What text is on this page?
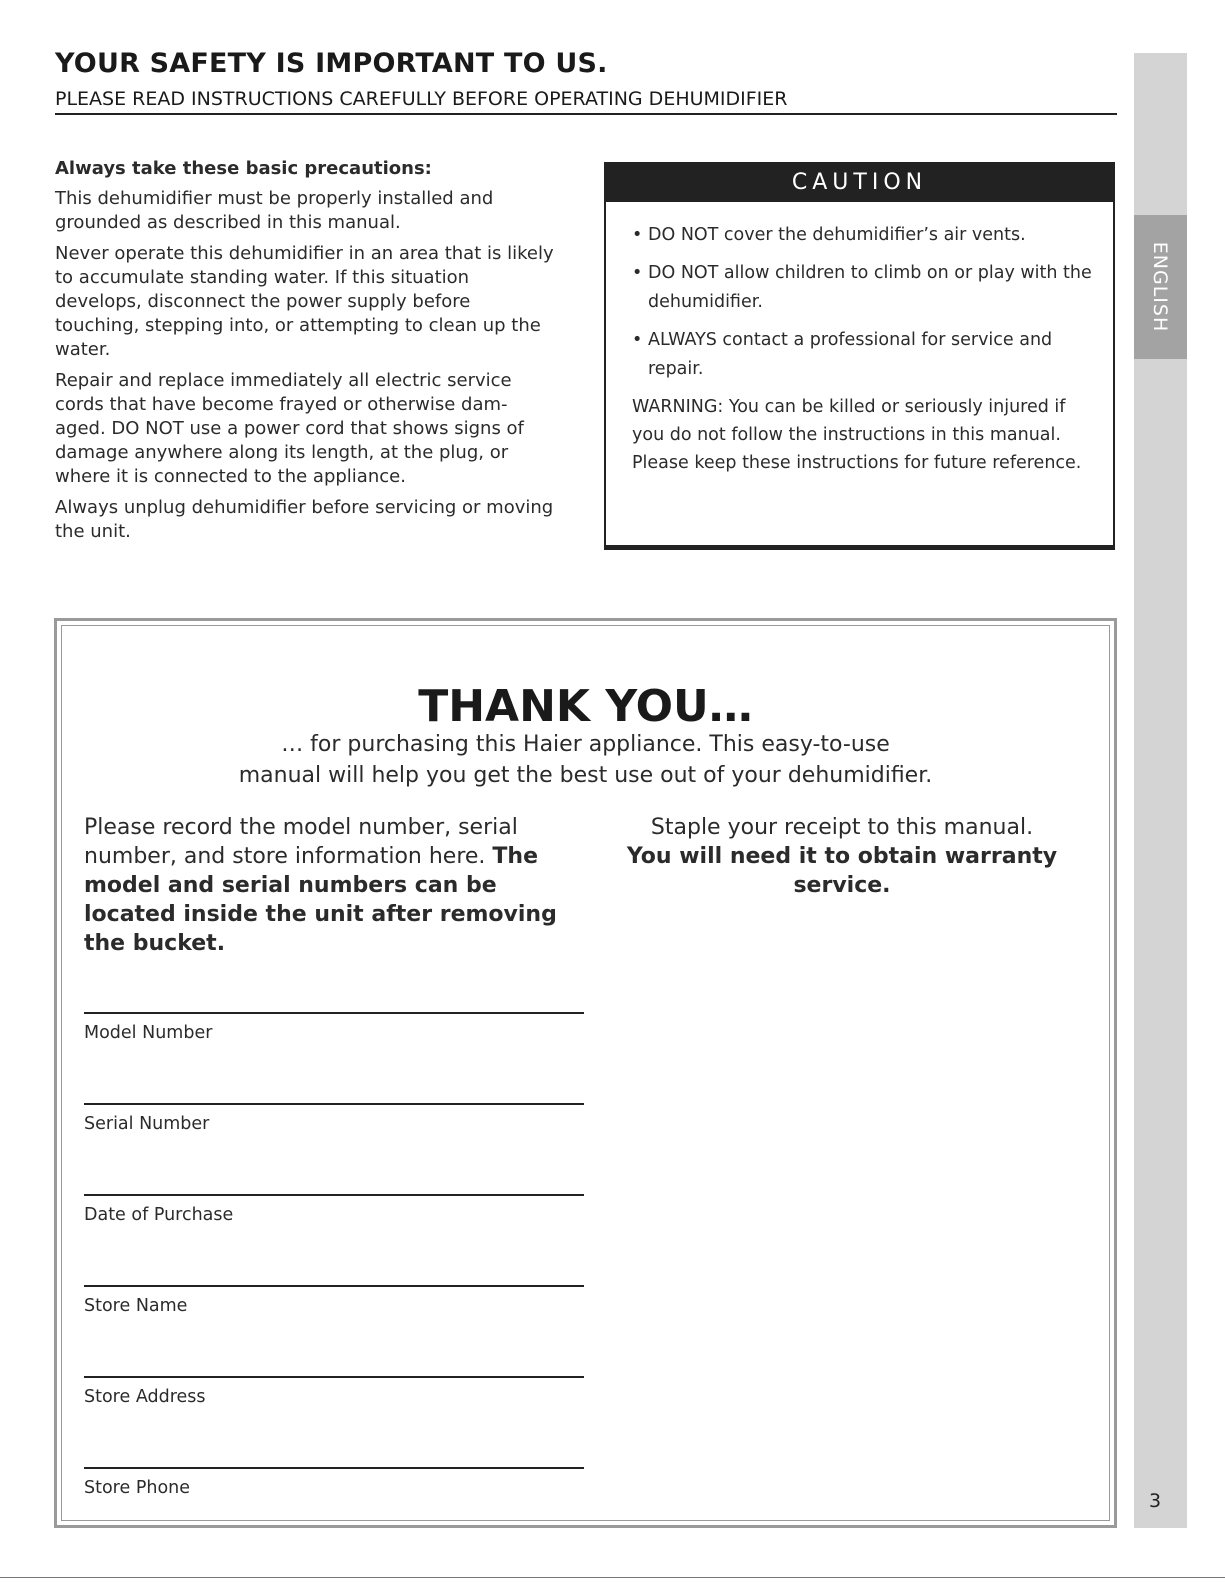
ENGLISH
3
YOUR SAFETY IS IMPORTANT TO US.
PLEASE READ INSTRUCTIONS CAREFULLY BEFORE OPERATING DEHUMIDIFIER

Always take these basic precautions:

This dehumidifier must be properly installed and grounded as described in this manual.

Never operate this dehumidifier in an area that is likely to accumulate standing water. If this situation develops, disconnect the power supply before touching, stepping into, or attempting to clean up the water.

Repair and replace immediately all electric service cords that have become frayed or otherwise dam-aged. DO NOT use a power cord that shows signs of damage anywhere along its length, at the plug, or where it is connected to the appliance.

Always unplug dehumidifier before servicing or moving the unit.

CAUTION
• DO NOT cover the dehumidifier’s air vents.
• DO NOT allow children to climb on or play with the dehumidifier.
• ALWAYS contact a professional for service and repair.
WARNING: You can be killed or seriously injured if you do not follow the instructions in this manual. Please keep these instructions for future reference.
THANK YOU…
… for purchasing this Haier appliance. This easy-to-use
manual will help you get the best use out of your dehumidifier.
Please record the model number, serial number, and store information here. The model and serial numbers can be located inside the unit after removing the bucket.
Staple your receipt to this manual.
You will need it to obtain warranty service.
Model Number
Serial Number
Date of Purchase
Store Name
Store Address
Store Phone
